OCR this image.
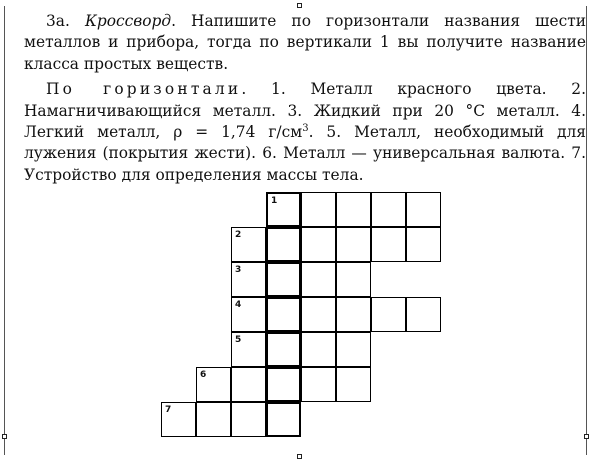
3а. Кроссворд. Напишите по горизонтали названия шести металлов и прибора, тогда по вертикали 1 вы получите название класса простых веществ.

По горизонтали. 1. Металл красного цвета. 2. Намагничивающийся металл. 3. Жидкий при 20 °С металл. 4. Легкий металл, ρ = 1,74 $г/см^3$. 5. Металл, необходимый для лужения (покрытия жести). 6. Металл — универсальная валюта. 7. Устройство для определения массы тела.

1
2
3
4
5
6
7
